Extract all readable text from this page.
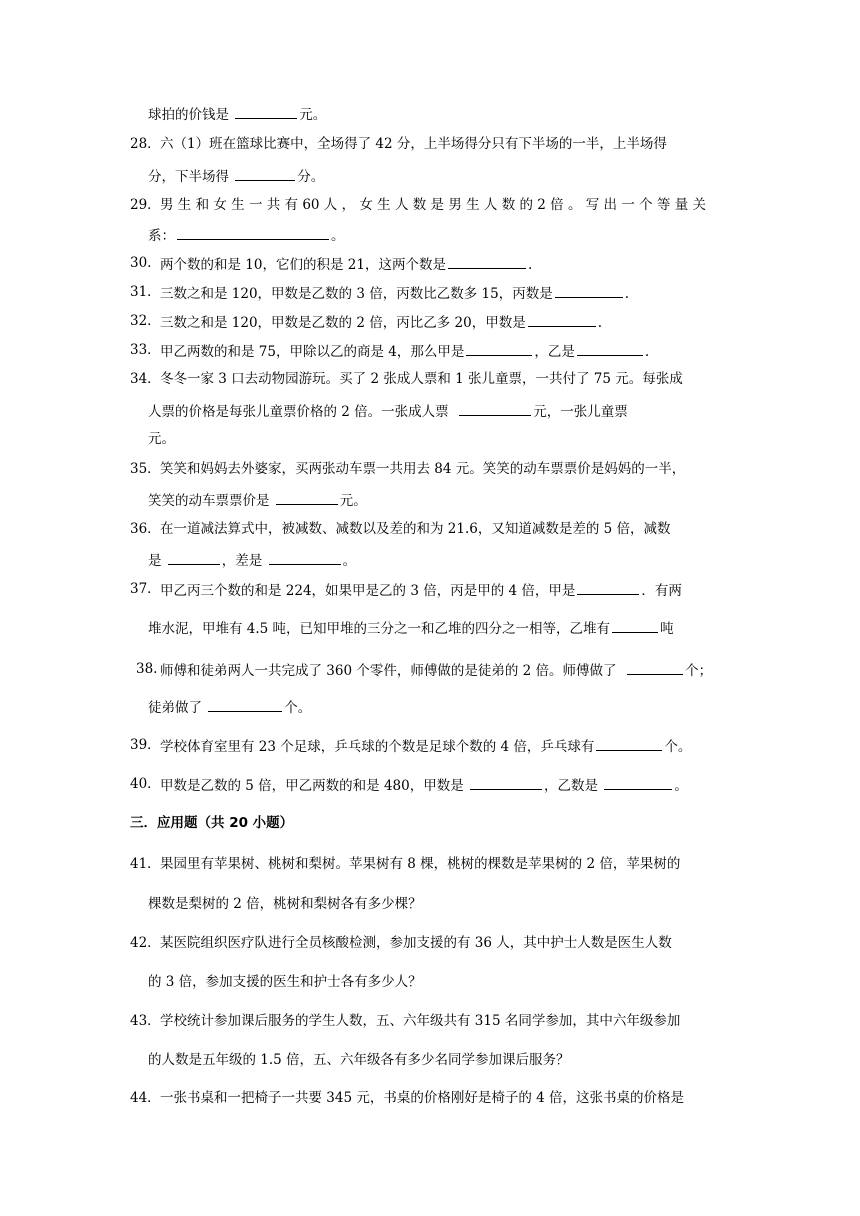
球拍的价钱是	元。
28． 六（1）班在篮球比赛中，全场得了 42 分，上半场得分只有下半场的一半，上半场得
分，下半场得	分。
29． 男 生 和 女 生 一 共 有 60 人 ， 女 生 人 数 是 男 生 人 数 的 2 倍 。 写 出 一 个 等 量 关
系：	。
30. 两个数的和是 10，它们的积是 21，这两个数是	.
31． 三数之和是 120，甲数是乙数的 3 倍，丙数比乙数多 15，丙数是	.
32． 三数之和是 120，甲数是乙数的 2 倍，丙比乙多 20，甲数是	.
33． 甲乙两数的和是 75，甲除以乙的商是 4，那么甲是	，乙是	.
34． 冬冬一家 3 口去动物园游玩。买了 2 张成人票和 1 张儿童票，一共付了 75 元。每张成
人票的价格是每张儿童票价格的 2 倍。一张成人票	元，一张儿童票
元。
35． 笑笑和妈妈去外婆家，买两张动车票一共用去 84 元。笑笑的动车票票价是妈妈的一半，
笑笑的动车票票价是	元。
36． 在一道减法算式中，被减数、减数以及差的和为 21.6，又知道减数是差的 5 倍，减数
是	，差是	。
37． 甲乙丙三个数的和是 224，如果甲是乙的 3 倍，丙是甲的 4 倍，甲是	．有两
堆水泥，甲堆有 4.5 吨，已知甲堆的三分之一和乙堆的四分之一相等，乙堆有	吨
38. 师傅和徒弟两人一共完成了 360 个零件，师傅做的是徒弟的 2 倍。师傅做了	个；
徒弟做了	个。
39． 学校体育室里有 23 个足球，乒乓球的个数是足球个数的 4 倍，乒乓球有	个。
40． 甲数是乙数的 5 倍，甲乙两数的和是 480，甲数是	，乙数是	。
三．应用题（共 20 小题）
41． 果园里有苹果树、桃树和梨树。苹果树有 8 棵，桃树的棵数是苹果树的 2 倍，苹果树的
棵数是梨树的 2 倍，桃树和梨树各有多少棵？
42． 某医院组织医疗队进行全员核酸检测，参加支援的有 36 人，其中护士人数是医生人数
的 3 倍，参加支援的医生和护士各有多少人？
43． 学校统计参加课后服务的学生人数，五、六年级共有 315 名同学参加，其中六年级参加
的人数是五年级的 1.5 倍，五、六年级各有多少名同学参加课后服务？
44． 一张书桌和一把椅子一共要 345 元，书桌的价格刚好是椅子的 4 倍，这张书桌的价格是
